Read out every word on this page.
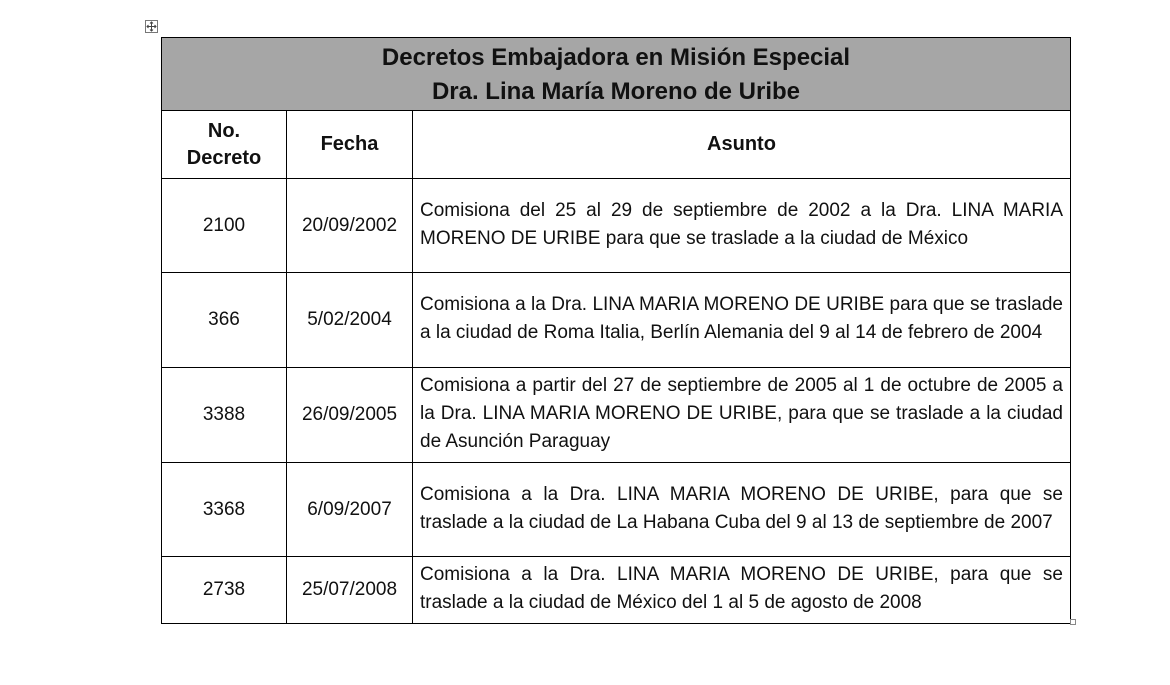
Decretos Embajadora en Misión Especial
Dra. Lina María Moreno de Uribe		

No.
Decreto	Fecha	Asunto
2100	20/09/2002	Comisiona del 25 al 29 de septiembre de 2002 a la Dra. LINA MARIA MORENO DE URIBE para que se traslade a la ciudad de México
366	5/02/2004	Comisiona a la Dra. LINA MARIA MORENO DE URIBE para que se traslade a la ciudad de Roma Italia, Berlín Alemania del 9 al 14 de febrero de 2004
3388	26/09/2005	Comisiona a partir del 27 de septiembre de 2005 al 1 de octubre de 2005 a la Dra. LINA MARIA MORENO DE URIBE, para que se traslade a la ciudad de Asunción Paraguay
3368	6/09/2007	Comisiona a la Dra. LINA MARIA MORENO DE URIBE, para que se traslade a la ciudad de La Habana Cuba del 9 al 13 de septiembre de 2007
2738	25/07/2008	Comisiona a la Dra. LINA MARIA MORENO DE URIBE, para que se traslade a la ciudad de México del 1 al 5 de agosto de 2008
